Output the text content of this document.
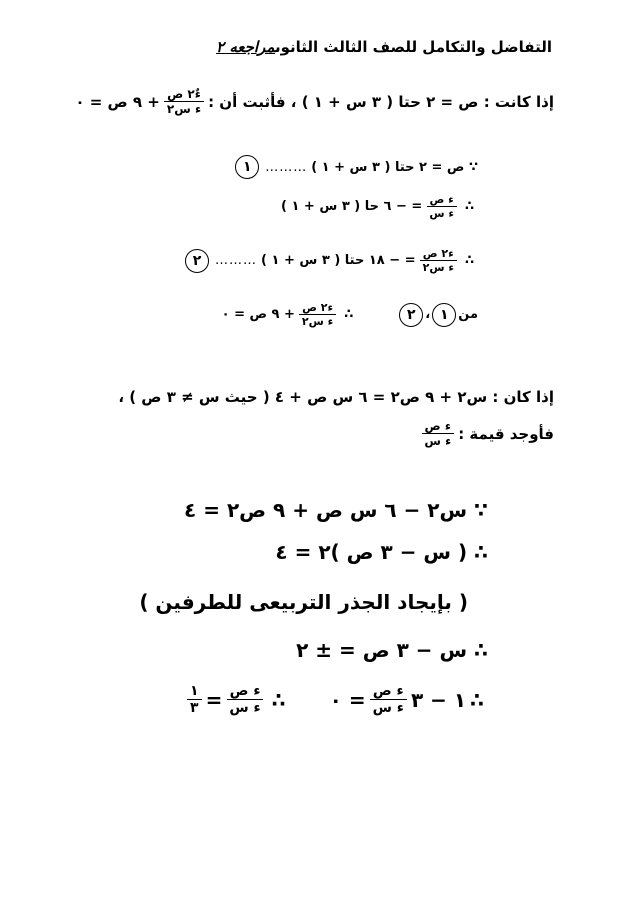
التفاضل والتكامل للصف الثالث الثانوىمراجعه ٢
إذا كانت : ص = ٢ حتا ( ٣ س + ١ ) ، فأثبت أن :
$\frac{\text{ءٌ٢ ص}}{\text{ء س٢}}$
+ ٩ ص = ٠
∵ ص = ٢ حتا ( ٣ س + ١ )
………
١
∴
$\frac{\text{ء ص}}{\text{ء س}}$
= − ٦ حا ( ٣ س + ١ )
∴
$\frac{\text{ء٢ ص}}{\text{ء س٢}}$
= − ١٨ حتا ( ٣ س + ١ )
………
٢
من
١
،
٢
∴
$\frac{\text{ء٢ ص}}{\text{ء س٢}}$
+ ٩ ص = ٠
إذا كان : س٢ + ٩ ص٢ = ٦ س ص + ٤ ( حيث س ≠ ٣ ص ) ،
فأوجد قيمة :
$\frac{\text{ء ص}}{\text{ء س}}$
∵ س٢ − ٦ س ص + ٩ ص٢ = ٤
∴ ( س − ٣ ص )٢ = ٤
( بإيجاد الجذر التربيعى للطرفين )
∴ س − ٣ ص = ± ٢
∴
١ − ٣
$\frac{\text{ء ص}}{\text{ء س}}$
= ٠
∴
$\frac{\text{ء ص}}{\text{ء س}}$
=
$\frac{١}{٣}$
